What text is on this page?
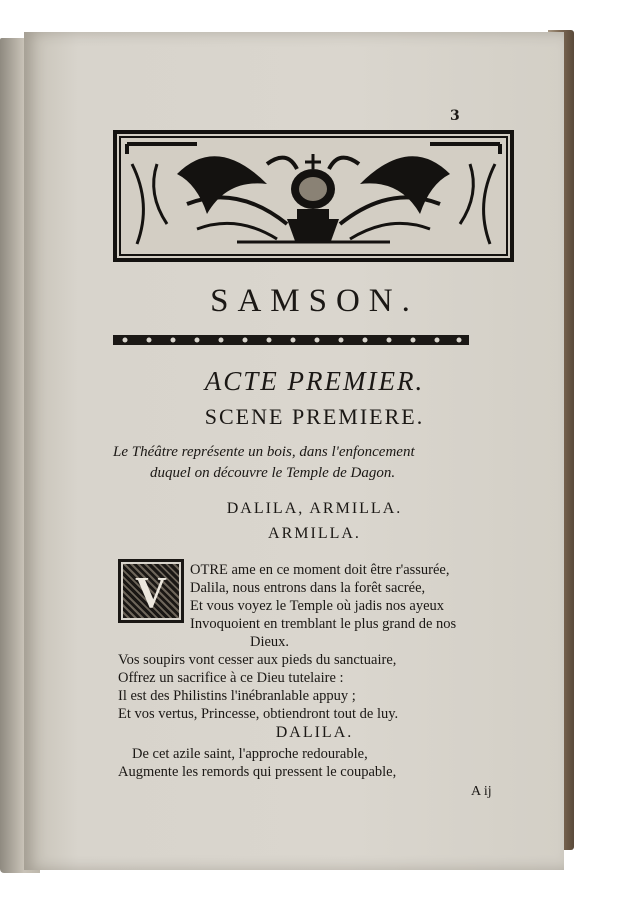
3
SAMSON.
ACTE PREMIER.
SCENE PREMIERE.
Le Théâtre représente un bois, dans l'enfoncement
duquel on découvre le Temple de Dagon.
DALILA, ARMILLA.
ARMILLA.
V	OTRE ame en ce moment doit être r'assurée,
Dalila, nous entrons dans la forêt sacrée,
Et vous voyez le Temple où jadis nos ayeux
Invoquoient en tremblant le plus grand de nos
Dieux.
Vos soupirs vont cesser aux pieds du sanctuaire,
Offrez un sacrifice à ce Dieu tutelaire :
Il est des Philistins l'inébranlable appuy ;
Et vos vertus, Princesse, obtiendront tout de luy.
DALILA.
De cet azile saint, l'approche redourable,
Augmente les remords qui pressent le coupable,
A ij
